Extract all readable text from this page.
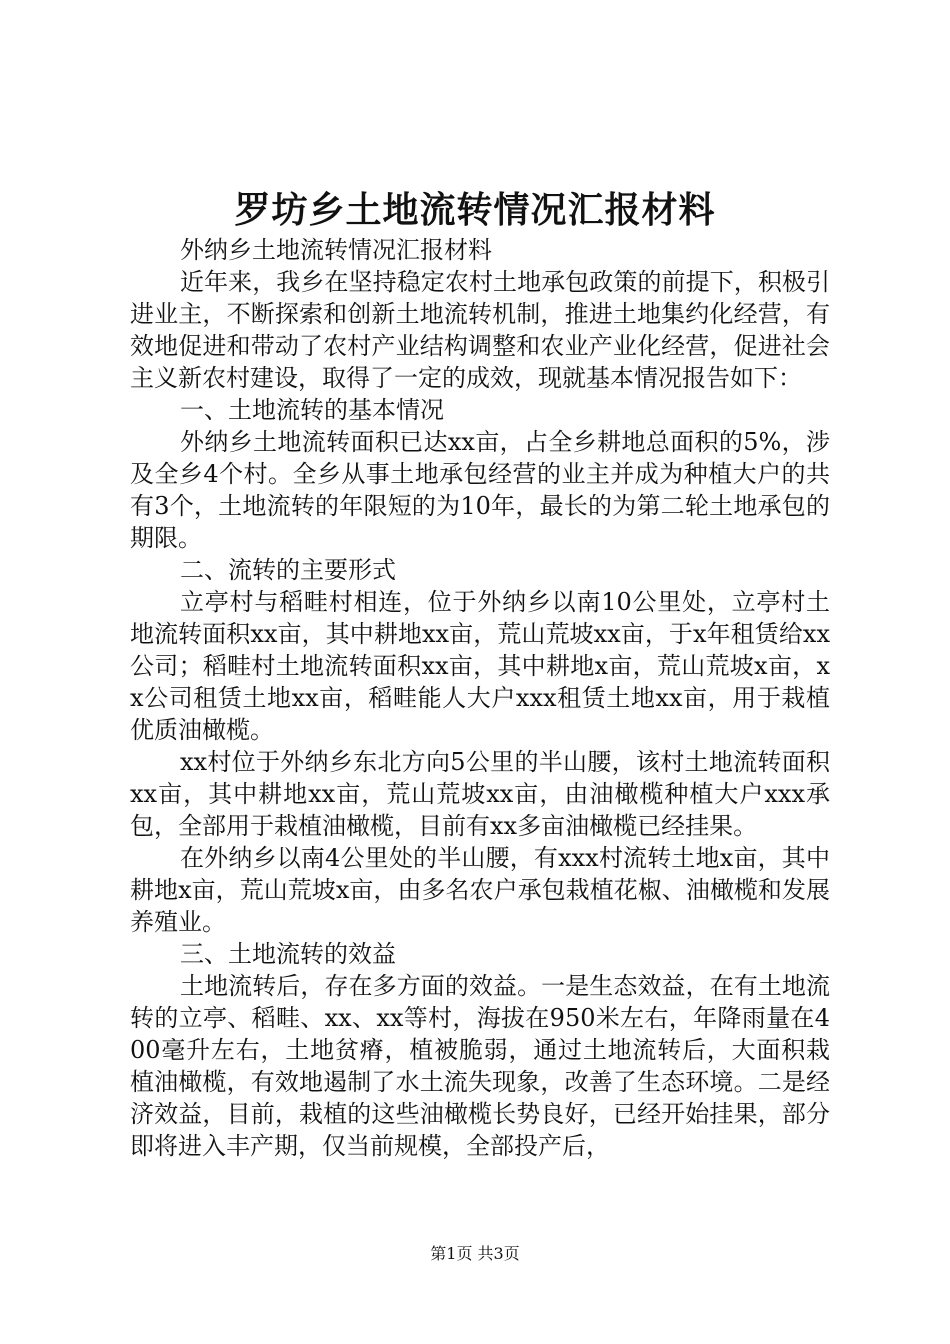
罗坊乡土地流转情况汇报材料

外纳乡土地流转情况汇报材料

近年来，我乡在坚持稳定农村土地承包政策的前提下，积极引进业主，不断探索和创新土地流转机制，推进土地集约化经营，有效地促进和带动了农村产业结构调整和农业产业化经营，促进社会主义新农村建设，取得了一定的成效，现就基本情况报告如下：

一、土地流转的基本情况

外纳乡土地流转面积已达xx亩，占全乡耕地总面积的5%，涉及全乡4个村。全乡从事土地承包经营的业主并成为种植大户的共有3个，土地流转的年限短的为10年，最长的为第二轮土地承包的期限。

二、流转的主要形式

立亭村与稻畦村相连，位于外纳乡以南10公里处，立亭村土地流转面积xx亩，其中耕地xx亩，荒山荒坡xx亩，于x年租赁给xx公司；稻畦村土地流转面积xx亩，其中耕地x亩，荒山荒坡x亩，xx公司租赁土地xx亩，稻畦能人大户xxx租赁土地xx亩，用于栽植优质油橄榄。

xx村位于外纳乡东北方向5公里的半山腰，该村土地流转面积xx亩，其中耕地xx亩，荒山荒坡xx亩，由油橄榄种植大户xxx承包，全部用于栽植油橄榄，目前有xx多亩油橄榄已经挂果。

在外纳乡以南4公里处的半山腰，有xxx村流转土地x亩，其中耕地x亩，荒山荒坡x亩，由多名农户承包栽植花椒、油橄榄和发展养殖业。

三、土地流转的效益

土地流转后，存在多方面的效益。一是生态效益，在有土地流转的立亭、稻畦、xx、xx等村，海拔在950米左右，年降雨量在400毫升左右，土地贫瘠，植被脆弱，通过土地流转后，大面积栽植油橄榄，有效地遏制了水土流失现象，改善了生态环境。二是经济效益，目前，栽植的这些油橄榄长势良好，已经开始挂果，部分即将进入丰产期，仅当前规模，全部投产后，

第1页 共3页
